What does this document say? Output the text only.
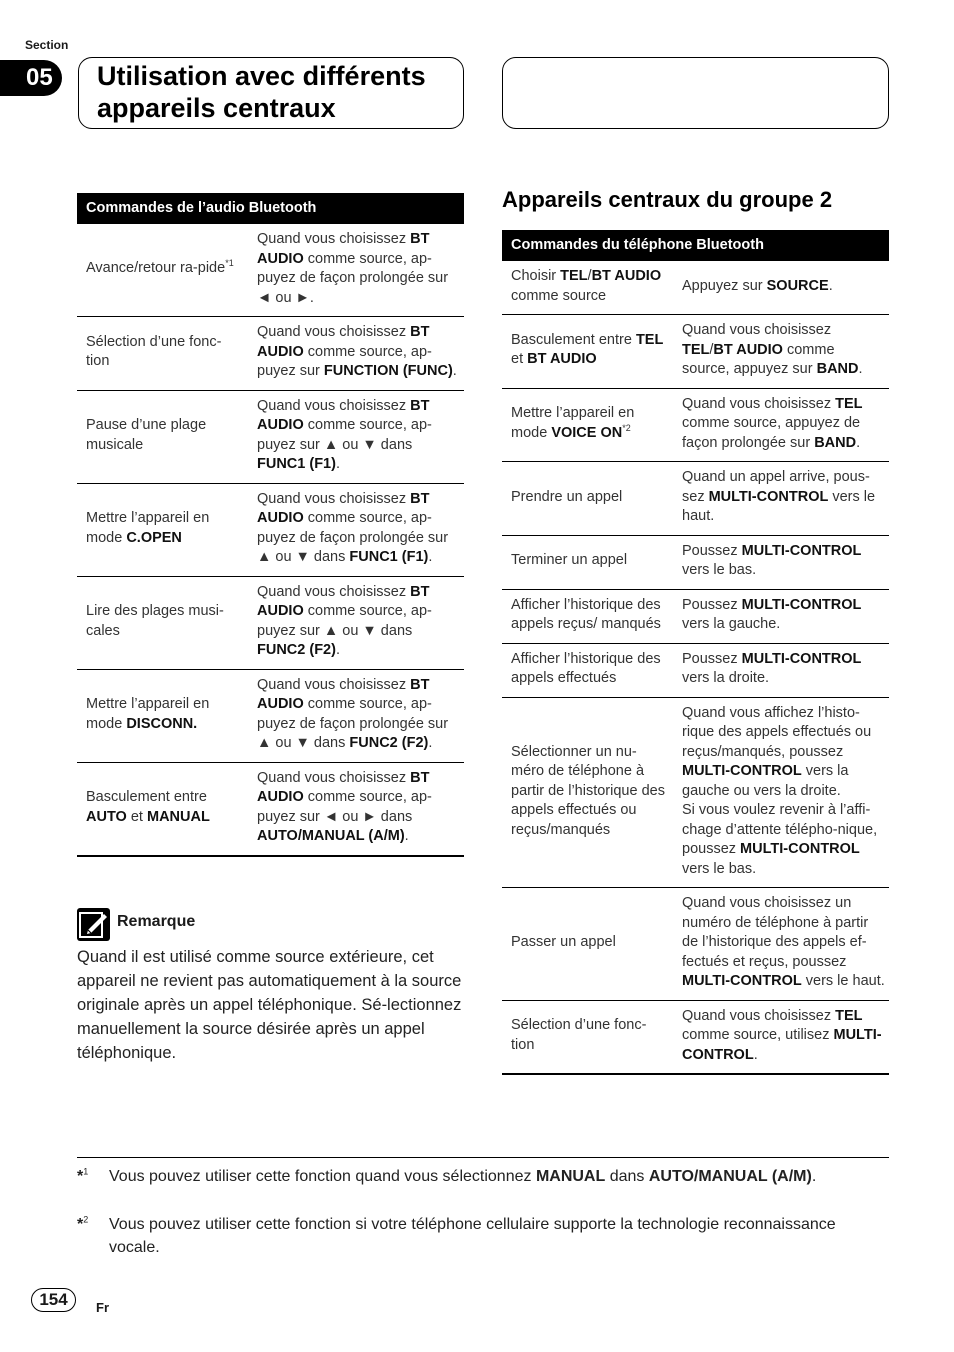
Section
05	Utilisation avec différents appareils centraux
Commandes de l’audio Bluetooth	
Avance/retour ra-pide$^{*1}$	Quand vous choisissez BT AUDIO comme source, ap-puyez de façon prolongée sur ◄ ou ►.
Sélection d’une fonc-tion	Quand vous choisissez BT AUDIO comme source, ap-puyez sur FUNCTION (FUNC).
Pause d’une plage musicale	Quand vous choisissez BT AUDIO comme source, ap-puyez sur ▲ ou ▼ dans FUNC1 (F1).
Mettre l’appareil en mode C.OPEN	Quand vous choisissez BT AUDIO comme source, ap-puyez de façon prolongée sur ▲ ou ▼ dans FUNC1 (F1).
Lire des plages musi-cales	Quand vous choisissez BT AUDIO comme source, ap-puyez sur ▲ ou ▼ dans FUNC2 (F2).
Mettre l’appareil en mode DISCONN.	Quand vous choisissez BT AUDIO comme source, ap-puyez de façon prolongée sur ▲ ou ▼ dans FUNC2 (F2).
Basculement entre AUTO et MANUAL	Quand vous choisissez BT AUDIO comme source, ap-puyez sur ◄ ou ► dans AUTO/MANUAL (A/M).
Remarque
Quand il est utilisé comme source extérieure, cet appareil ne revient pas automatiquement à la source originale après un appel téléphonique. Sé-lectionnez manuellement la source désirée après un appel téléphonique.
Appareils centraux du groupe 2
Commandes du téléphone Bluetooth	
Choisir TEL/BT AUDIO comme source	Appuyez sur SOURCE.
Basculement entre TEL et BT AUDIO	Quand vous choisissez TEL/BT AUDIO comme source, appuyez sur BAND.
Mettre l’appareil en mode VOICE ON$^{*2}$	Quand vous choisissez TEL comme source, appuyez de façon prolongée sur BAND.
Prendre un appel	Quand un appel arrive, pous-sez MULTI-CONTROL vers le haut.
Terminer un appel	Poussez MULTI-CONTROL vers le bas.
Afficher l’historique des appels reçus/ manqués	Poussez MULTI-CONTROL vers la gauche.
Afficher l’historique des appels effectués	Poussez MULTI-CONTROL vers la droite.
Sélectionner un nu-méro de téléphone à partir de l’historique des appels effectués ou reçus/manqués	Quand vous affichez l’histo-rique des appels effectués ou reçus/manqués, poussez MULTI-CONTROL vers la gauche ou vers la droite.
Si vous voulez revenir à l’affi-chage d’attente télépho-nique, poussez MULTI-CONTROL vers le bas.
Passer un appel	Quand vous choisissez un numéro de téléphone à partir de l’historique des appels ef-fectués et reçus, poussez MULTI-CONTROL vers le haut.
Sélection d’une fonc-tion	Quand vous choisissez TEL comme source, utilisez MULTI-CONTROL.
*$^1$ Vous pouvez utiliser cette fonction quand vous sélectionnez MANUAL dans AUTO/MANUAL (A/M).
*$^2$ Vous pouvez utiliser cette fonction si votre téléphone cellulaire supporte la technologie reconnaissance vocale.
154	Fr
